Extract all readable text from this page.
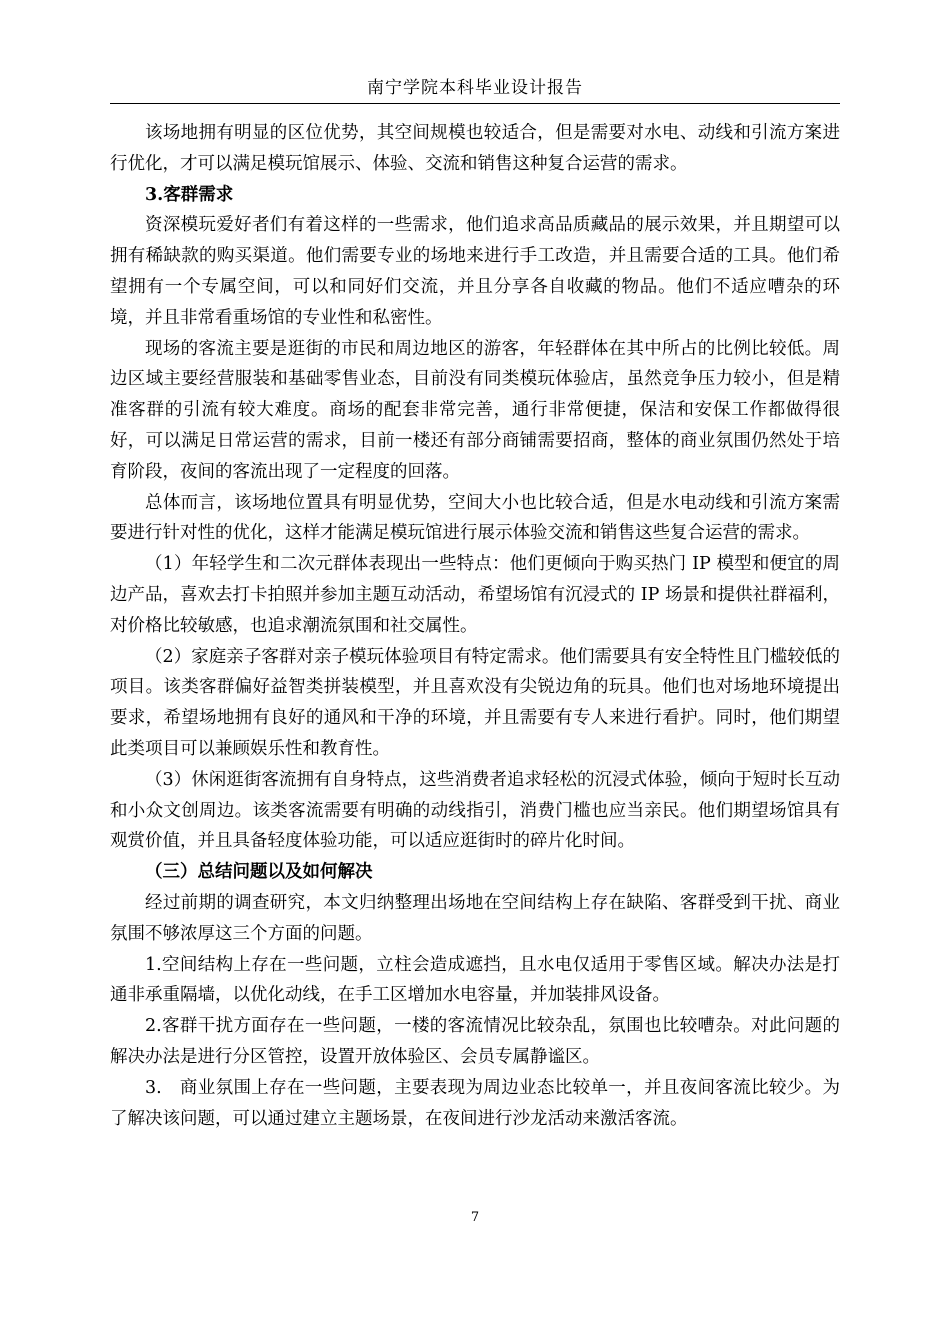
南宁学院本科毕业设计报告

该场地拥有明显的区位优势，其空间规模也较适合，但是需要对水电、动线和引流方案进行优化，才可以满足模玩馆展示、体验、交流和销售这种复合运营的需求。

3.客群需求

资深模玩爱好者们有着这样的一些需求，他们追求高品质藏品的展示效果，并且期望可以拥有稀缺款的购买渠道。他们需要专业的场地来进行手工改造，并且需要合适的工具。他们希望拥有一个专属空间，可以和同好们交流，并且分享各自收藏的物品。他们不适应嘈杂的环境，并且非常看重场馆的专业性和私密性。

现场的客流主要是逛街的市民和周边地区的游客，年轻群体在其中所占的比例比较低。周边区域主要经营服装和基础零售业态，目前没有同类模玩体验店，虽然竞争压力较小，但是精准客群的引流有较大难度。商场的配套非常完善，通行非常便捷，保洁和安保工作都做得很好，可以满足日常运营的需求，目前一楼还有部分商铺需要招商，整体的商业氛围仍然处于培育阶段，夜间的客流出现了一定程度的回落。

总体而言，该场地位置具有明显优势，空间大小也比较合适，但是水电动线和引流方案需要进行针对性的优化，这样才能满足模玩馆进行展示体验交流和销售这些复合运营的需求。

（1）年轻学生和二次元群体表现出一些特点：他们更倾向于购买热门 IP 模型和便宜的周边产品，喜欢去打卡拍照并参加主题互动活动，希望场馆有沉浸式的 IP 场景和提供社群福利，对价格比较敏感，也追求潮流氛围和社交属性。

（2）家庭亲子客群对亲子模玩体验项目有特定需求。他们需要具有安全特性且门槛较低的项目。该类客群偏好益智类拼装模型，并且喜欢没有尖锐边角的玩具。他们也对场地环境提出要求，希望场地拥有良好的通风和干净的环境，并且需要有专人来进行看护。同时，他们期望此类项目可以兼顾娱乐性和教育性。

（3）休闲逛街客流拥有自身特点，这些消费者追求轻松的沉浸式体验，倾向于短时长互动和小众文创周边。该类客流需要有明确的动线指引，消费门槛也应当亲民。他们期望场馆具有观赏价值，并且具备轻度体验功能，可以适应逛街时的碎片化时间。

（三）总结问题以及如何解决

经过前期的调查研究，本文归纳整理出场地在空间结构上存在缺陷、客群受到干扰、商业氛围不够浓厚这三个方面的问题。

1.空间结构上存在一些问题，立柱会造成遮挡，且水电仅适用于零售区域。解决办法是打通非承重隔墙，以优化动线，在手工区增加水电容量，并加装排风设备。

2.客群干扰方面存在一些问题，一楼的客流情况比较杂乱，氛围也比较嘈杂。对此问题的解决办法是进行分区管控，设置开放体验区、会员专属静谧区。

3.　商业氛围上存在一些问题，主要表现为周边业态比较单一，并且夜间客流比较少。为了解决该问题，可以通过建立主题场景，在夜间进行沙龙活动来激活客流。

7
